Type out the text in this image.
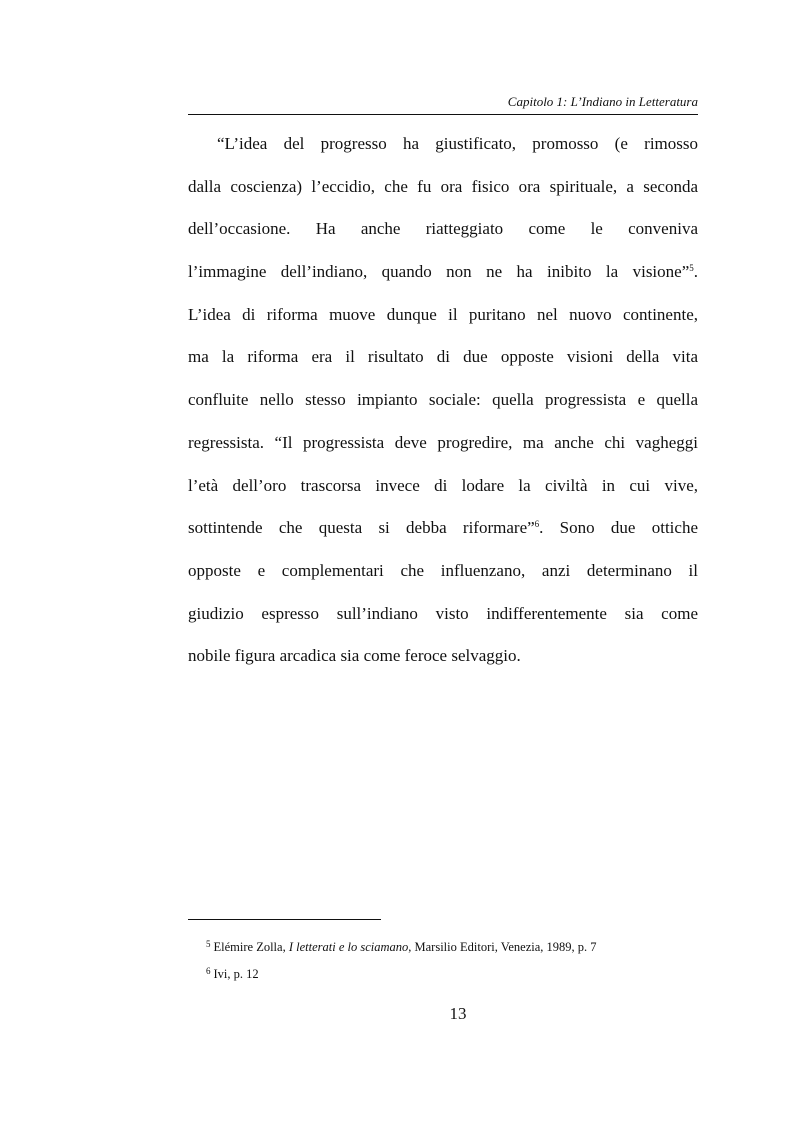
Capitolo 1: L’Indiano in Letteratura
“L’idea del progresso ha giustificato, promosso (e rimosso
dalla coscienza) l’eccidio, che fu ora fisico ora spirituale, a seconda
dell’occasione. Ha anche riatteggiato come le conveniva
l’immagine dell’indiano, quando non ne ha inibito la visione”$^5$.
L’idea di riforma muove dunque il puritano nel nuovo continente,
ma la riforma era il risultato di due opposte visioni della vita
confluite nello stesso impianto sociale: quella progressista e quella
regressista. “Il progressista deve progredire, ma anche chi vagheggi
l’età dell’oro trascorsa invece di lodare la civiltà in cui vive,
sottintende che questa si debba riformare”$^6$. Sono due ottiche
opposte e complementari che influenzano, anzi determinano il
giudizio espresso sull’indiano visto indifferentemente sia come
nobile figura arcadica sia come feroce selvaggio.
$^5$ Elémire Zolla, I letterati e lo sciamano, Marsilio Editori, Venezia, 1989, p. 7
$^6$ Ivi, p. 12
13
